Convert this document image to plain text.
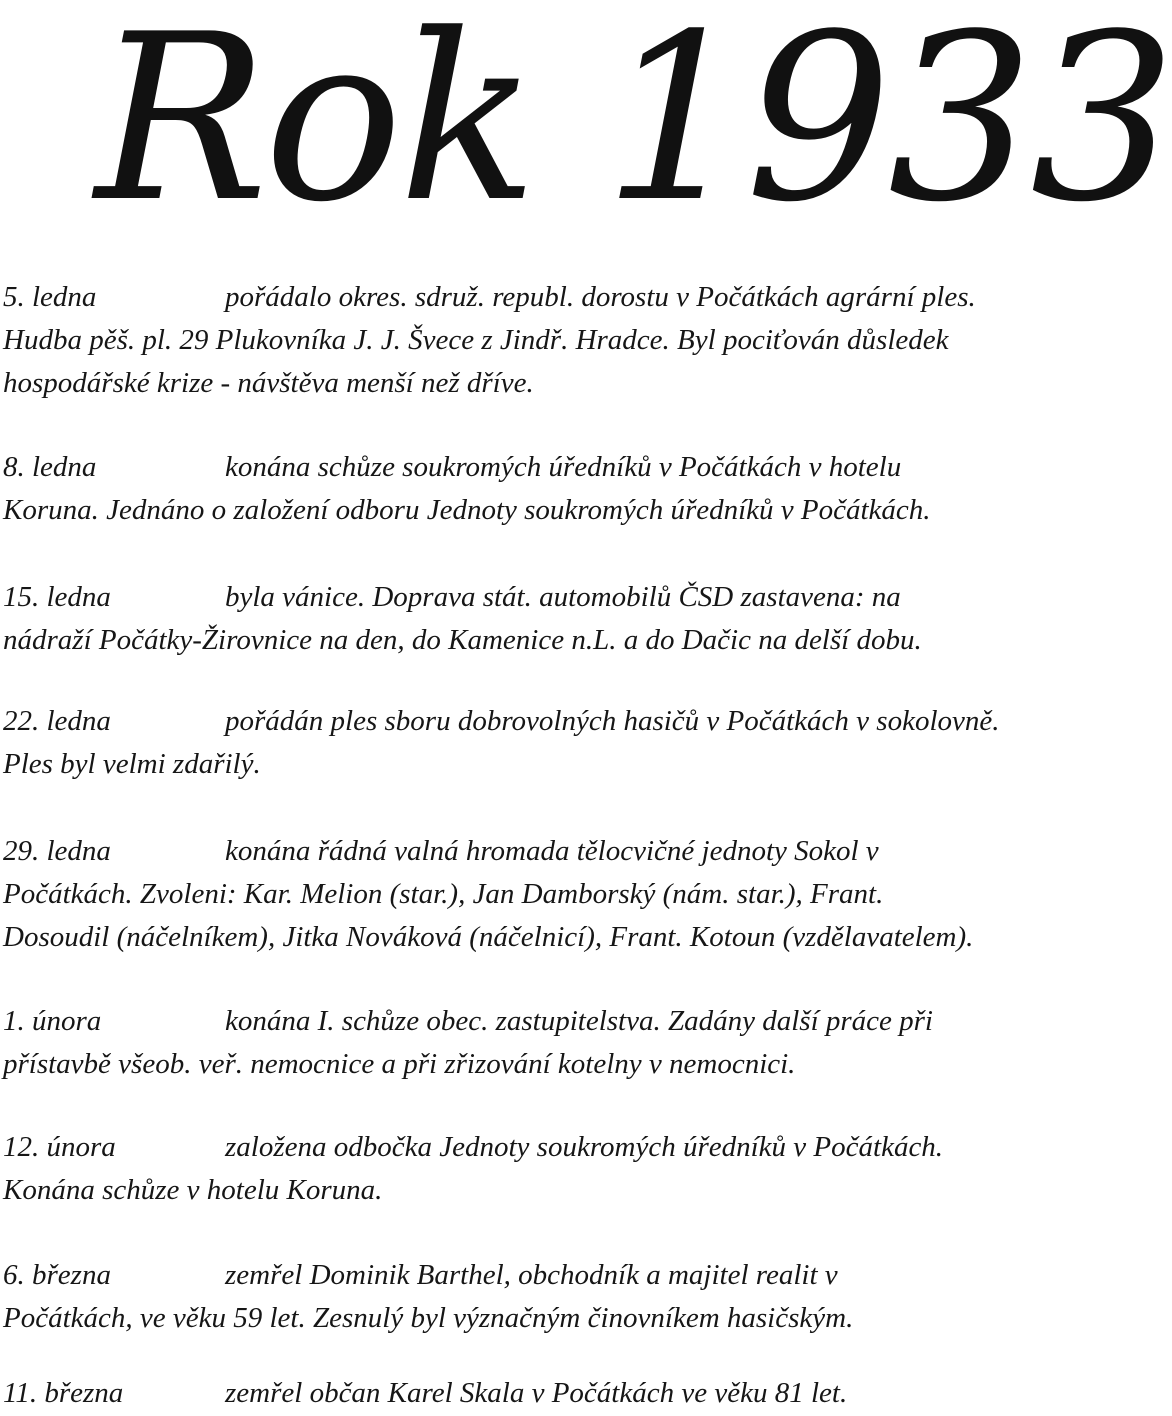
Rok 1933
5. ledna	pořádalo okres. sdruž. republ. dorostu v Počátkách agrární ples.
Hudba pěš. pl. 29 Plukovníka J. J. Švece z Jindř. Hradce. Byl pociťován důsledek
hospodářské krize - návštěva menší než dříve.
8. ledna	konána schůze soukromých úředníků v Počátkách v hotelu
Koruna. Jednáno o založení odboru Jednoty soukromých úředníků v Počátkách.
15. ledna	byla vánice. Doprava stát. automobilů ČSD zastavena: na
nádraží Počátky-Žirovnice na den, do Kamenice n.L. a do Dačic na delší dobu.
22. ledna	pořádán ples sboru dobrovolných hasičů v Počátkách v sokolovně.
Ples byl velmi zdařilý.
29. ledna	konána řádná valná hromada tělocvičné jednoty Sokol v
Počátkách. Zvoleni: Kar. Melion (star.), Jan Damborský (nám. star.), Frant.
Dosoudil (náčelníkem), Jitka Nováková (náčelnicí), Frant. Kotoun (vzdělavatelem).
1. února	konána I. schůze obec. zastupitelstva. Zadány další práce při
přístavbě všeob. veř. nemocnice a při zřizování kotelny v nemocnici.
12. února	založena odbočka Jednoty soukromých úředníků v Počátkách.
Konána schůze v hotelu Koruna.
6. března	zemřel Dominik Barthel, obchodník a majitel realit v
Počátkách, ve věku 59 let. Zesnulý byl význačným činovníkem hasičským.
11. března	zemřel občan Karel Skala v Počátkách ve věku 81 let.
